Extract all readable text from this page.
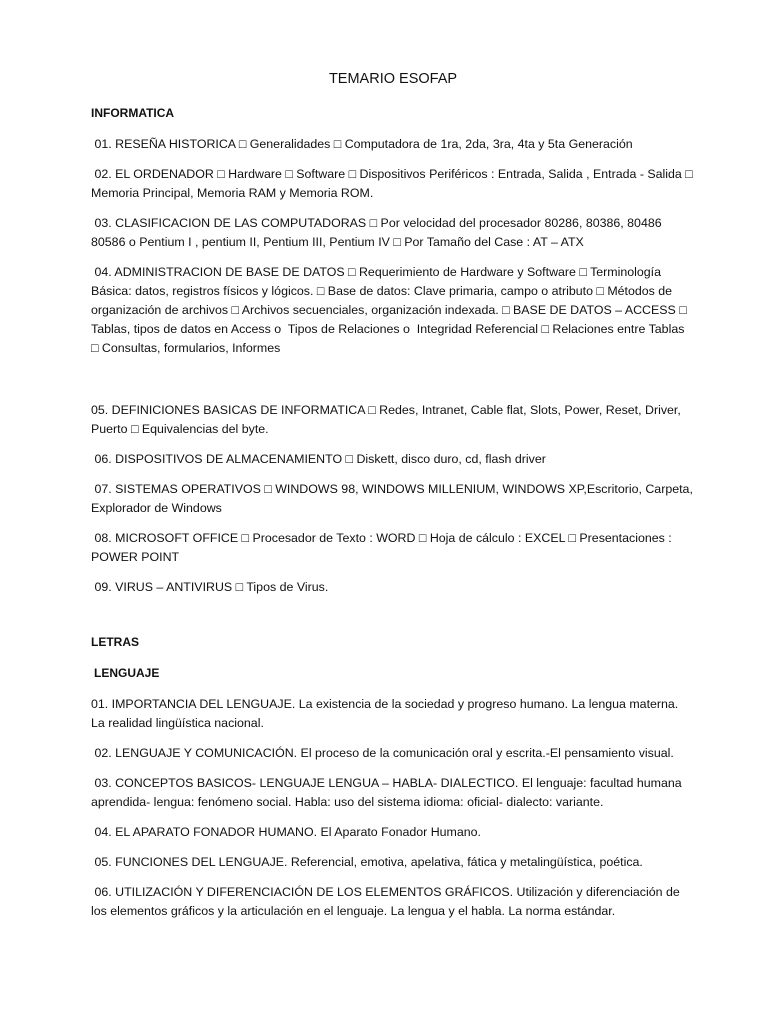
TEMARIO ESOFAP
INFORMATICA

01. RESEÑA HISTORICA □ Generalidades □ Computadora de 1ra, 2da, 3ra, 4ta y 5ta Generación

02. EL ORDENADOR □ Hardware □ Software □ Dispositivos Periféricos : Entrada, Salida , Entrada - Salida □ Memoria Principal, Memoria RAM y Memoria ROM.

03. CLASIFICACION DE LAS COMPUTADORAS □ Por velocidad del procesador 80286, 80386, 80486 80586 o Pentium I , pentium II, Pentium III, Pentium IV □ Por Tamaño del Case : AT – ATX

04. ADMINISTRACION DE BASE DE DATOS □ Requerimiento de Hardware y Software □ Terminología Básica: datos, registros físicos y lógicos. □ Base de datos: Clave primaria, campo o atributo □ Métodos de organización de archivos □ Archivos secuenciales, organización indexada. □ BASE DE DATOS – ACCESS □ Tablas, tipos de datos en Access o  Tipos de Relaciones o  Integridad Referencial □ Relaciones entre Tablas □ Consultas, formularios, Informes

05. DEFINICIONES BASICAS DE INFORMATICA □ Redes, Intranet, Cable flat, Slots, Power, Reset, Driver, Puerto □ Equivalencias del byte.

06. DISPOSITIVOS DE ALMACENAMIENTO □ Diskett, disco duro, cd, flash driver

07. SISTEMAS OPERATIVOS □ WINDOWS 98, WINDOWS MILLENIUM, WINDOWS XP,Escritorio, Carpeta, Explorador de Windows

08. MICROSOFT OFFICE □ Procesador de Texto : WORD □ Hoja de cálculo : EXCEL □ Presentaciones : POWER POINT

09. VIRUS – ANTIVIRUS □ Tipos de Virus.

LETRAS
LENGUAJE

01. IMPORTANCIA DEL LENGUAJE. La existencia de la sociedad y progreso humano. La lengua materna. La realidad lingüística nacional.

02. LENGUAJE Y COMUNICACIÓN. El proceso de la comunicación oral y escrita.-El pensamiento visual.

03. CONCEPTOS BASICOS- LENGUAJE LENGUA – HABLA- DIALECTICO. El lenguaje: facultad humana aprendida- lengua: fenómeno social. Habla: uso del sistema idioma: oficial- dialecto: variante.

04. EL APARATO FONADOR HUMANO. El Aparato Fonador Humano.

05. FUNCIONES DEL LENGUAJE. Referencial, emotiva, apelativa, fática y metalingüística, poética.

06. UTILIZACIÓN Y DIFERENCIACIÓN DE LOS ELEMENTOS GRÁFICOS. Utilización y diferenciación de los elementos gráficos y la articulación en el lenguaje. La lengua y el habla. La norma estándar.
